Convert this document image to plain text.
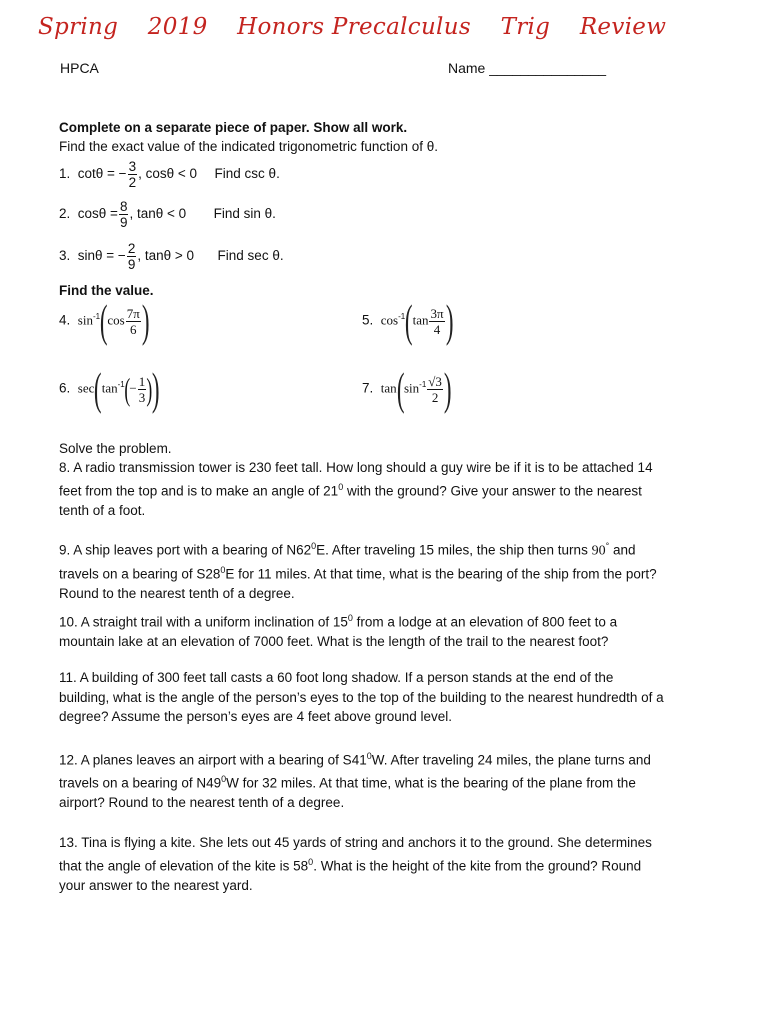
Spring 2019 Honors Precalculus Trig Review
HPCA	Name _______________
Complete on a separate piece of paper. Show all work.
Find the exact value of the indicated trigonometric function of θ.
1. cotθ = − $\frac{3}{2}$ , cosθ < 0 Find csc θ.
2. $\cos\theta = \frac{8}{9}$ , tanθ < 0 Find sin θ.
3. sinθ = − $\frac{2}{9}$ , tanθ > 0 Find sec θ.
Find the value.
4. $\sin^{-1}(\cos \frac{7\pi}{6}$ )	5. $\cos^{-1}(\tan \frac{3\pi}{4}$ )
6. $\sec(\tan^{-1}(- \frac{1}{3}$ ))	7. $\tan(\sin^{-1} \frac{√3}{2}$ )
Solve the problem.
8. A radio transmission tower is 230 feet tall. How long should a guy wire be if it is to be attached 14
feet from the top and is to make an angle of $21^0$ with the ground? Give your answer to the nearest
tenth of a foot.
9. A ship leaves port with a bearing of $N62^0E$. After traveling 15 miles, the ship then turns 90° and
travels on a bearing of $S28^0E$ for 11 miles. At that time, what is the bearing of the ship from the port?
Round to the nearest tenth of a degree.
10. A straight trail with a uniform inclination of $15^0$ from a lodge at an elevation of 800 feet to a
mountain lake at an elevation of 7000 feet. What is the length of the trail to the nearest foot?
11. A building of 300 feet tall casts a 60 foot long shadow. If a person stands at the end of the
building, what is the angle of the person’s eyes to the top of the building to the nearest hundredth of a
degree? Assume the person’s eyes are 4 feet above ground level.
12. A planes leaves an airport with a bearing of $S41^0W$. After traveling 24 miles, the plane turns and
travels on a bearing of $N49^0W$ for 32 miles. At that time, what is the bearing of the plane from the
airport? Round to the nearest tenth of a degree.
13. Tina is flying a kite. She lets out 45 yards of string and anchors it to the ground. She determines
that the angle of elevation of the kite is $58^0$. What is the height of the kite from the ground? Round
your answer to the nearest yard.
